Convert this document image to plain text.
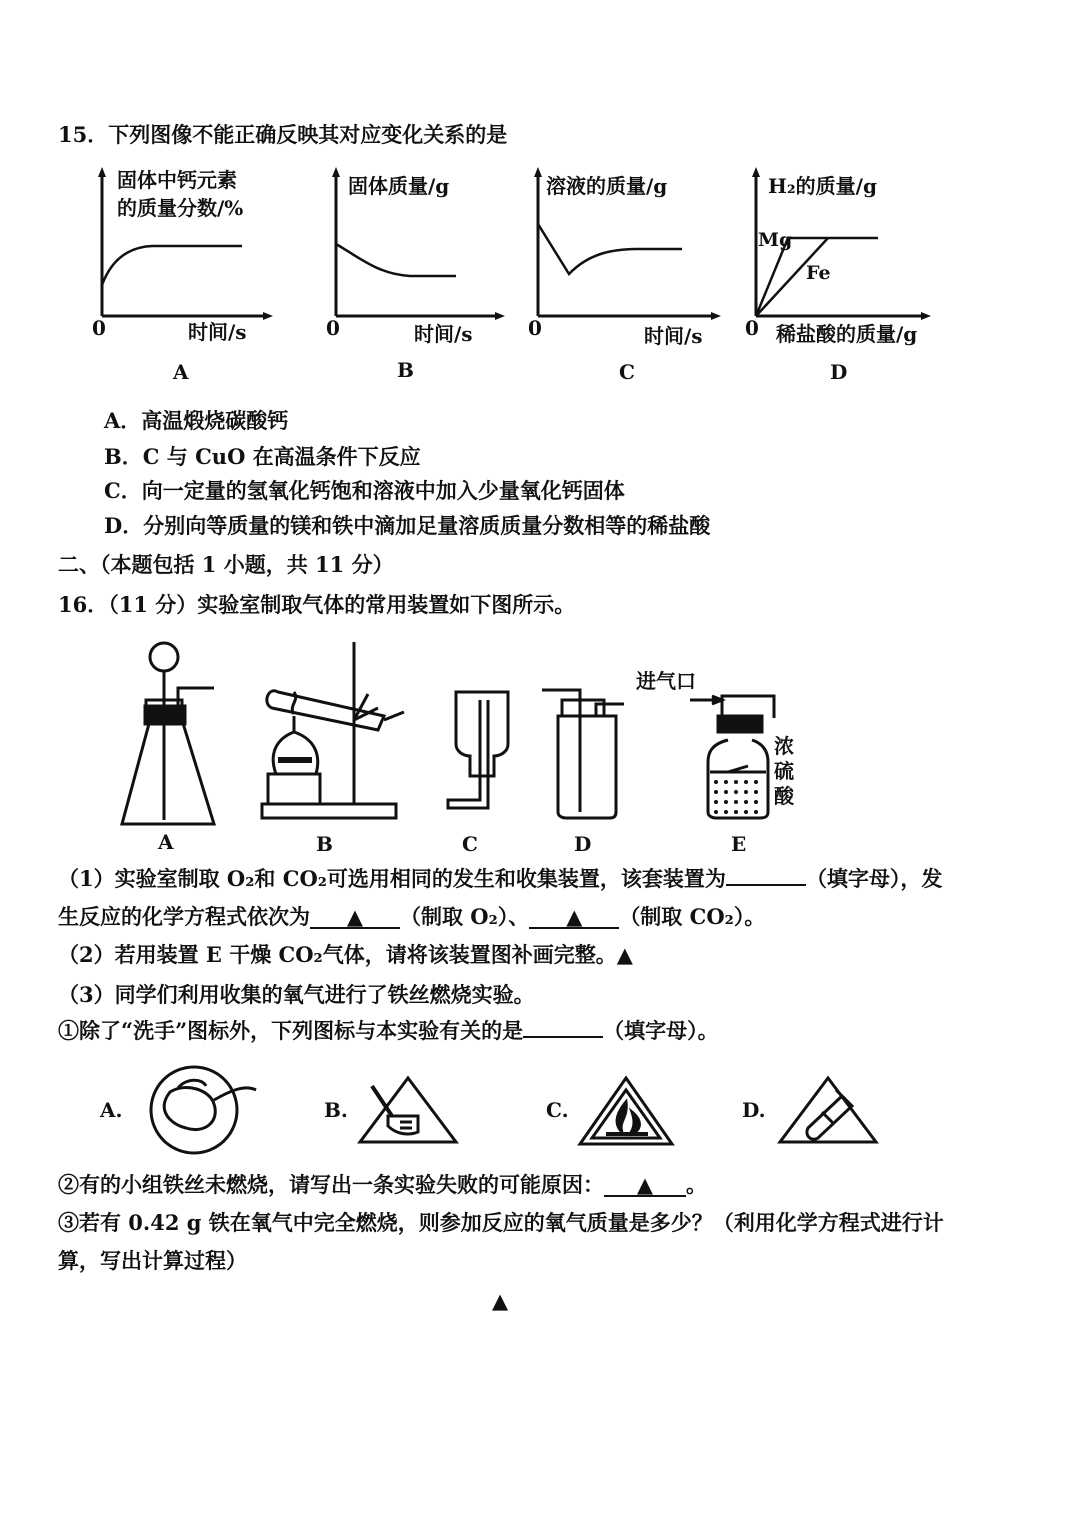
15．下列图像不能正确反映其对应变化关系的是
固体中钙元素
的质量分数/%
0	时间/s
A
固体质量/g
0	时间/s
B
溶液的质量/g
0	时间/s
C
H₂的质量/g
Mg
Fe
0 稀盐酸的质量/g
D
A．高温煅烧碳酸钙
B．C 与 CuO 在高温条件下反应
C．向一定量的氢氧化钙饱和溶液中加入少量氧化钙固体
D．分别向等质量的镁和铁中滴加足量溶质质量分数相等的稀盐酸
二、（本题包括 1 小题，共 11 分）
16．（11 分）实验室制取气体的常用装置如下图所示。
进气口
浓
硫
酸
A	B	C	D	E
（1）实验室制取 O₂和 CO₂可选用相同的发生和收集装置，该套装置为	（填字母），发
生反应的化学方程式依次为 ▲ （制取 O₂）、 ▲ （制取 CO₂）。
（2）若用装置 E 干燥 CO₂气体，请将该装置图补画完整。▲
（3）同学们利用收集的氧气进行了铁丝燃烧实验。
①除了“洗手”图标外，下列图标与本实验有关的是	（填字母）。
A.	B.	C.	D.
②有的小组铁丝未燃烧，请写出一条实验失败的可能原因： ▲ 。
③若有 0.42 g 铁在氧气中完全燃烧，则参加反应的氧气质量是多少？（利用化学方程式进行计
算，写出计算过程）
▲
